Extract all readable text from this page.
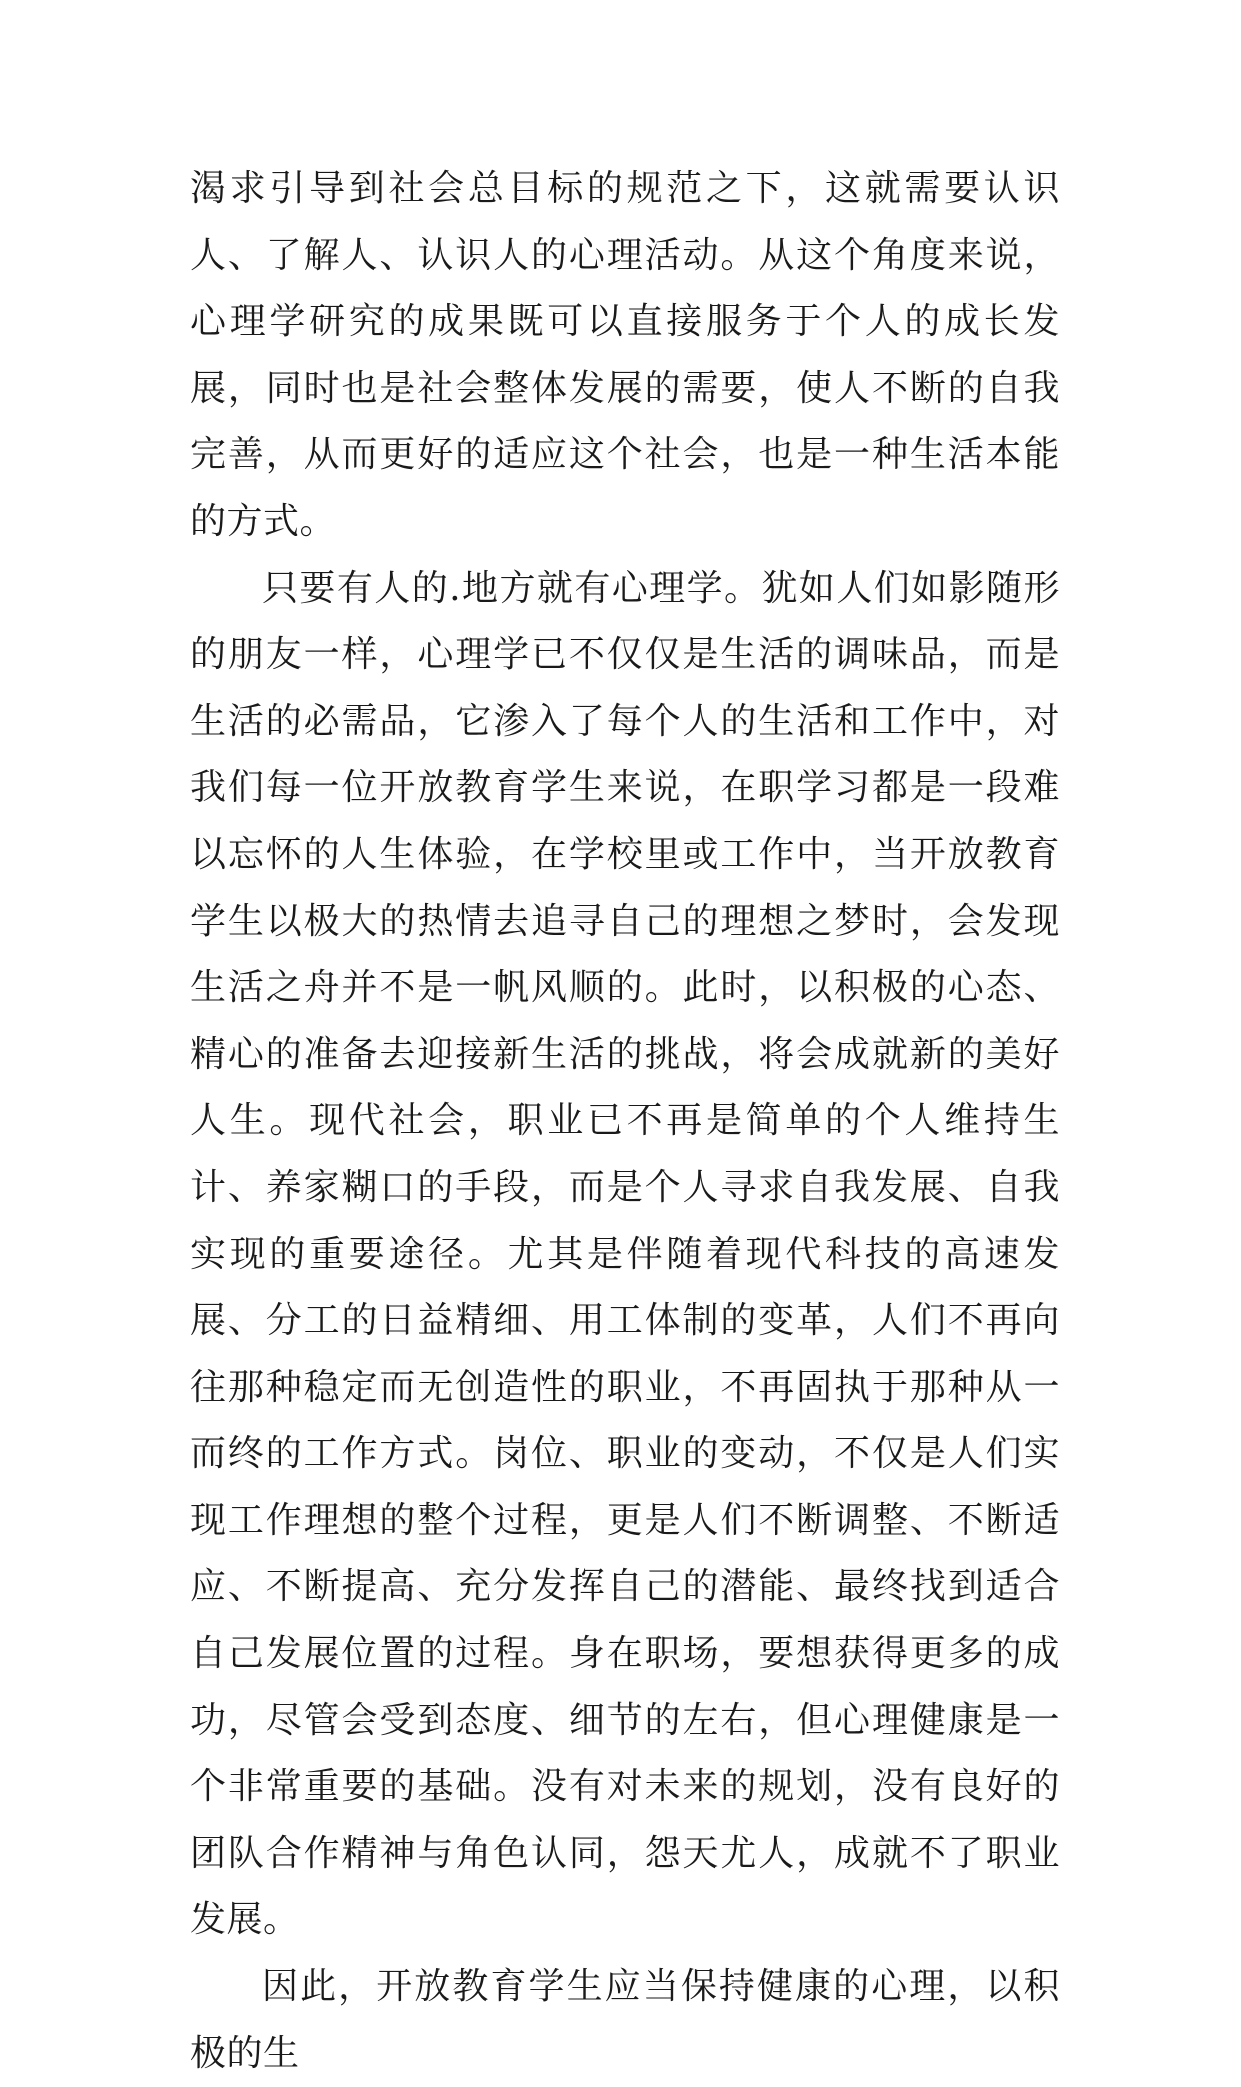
渴求引导到社会总目标的规范之下，这就需要认识人、了解人、认识人的心理活动。从这个角度来说，心理学研究的成果既可以直接服务于个人的成长发展，同时也是社会整体发展的需要，使人不断的自我完善，从而更好的适应这个社会，也是一种生活本能的方式。

只要有人的.地方就有心理学。犹如人们如影随形的朋友一样，心理学已不仅仅是生活的调味品，而是生活的必需品，它渗入了每个人的生活和工作中，对我们每一位开放教育学生来说，在职学习都是一段难以忘怀的人生体验，在学校里或工作中，当开放教育学生以极大的热情去追寻自己的理想之梦时，会发现生活之舟并不是一帆风顺的。此时，以积极的心态、精心的准备去迎接新生活的挑战，将会成就新的美好人生。现代社会，职业已不再是简单的个人维持生计、养家糊口的手段，而是个人寻求自我发展、自我实现的重要途径。尤其是伴随着现代科技的高速发展、分工的日益精细、用工体制的变革，人们不再向往那种稳定而无创造性的职业，不再固执于那种从一而终的工作方式。岗位、职业的变动，不仅是人们实现工作理想的整个过程，更是人们不断调整、不断适应、不断提高、充分发挥自己的潜能、最终找到适合自己发展位置的过程。身在职场，要想获得更多的成功，尽管会受到态度、细节的左右，但心理健康是一个非常重要的基础。没有对未来的规划，没有良好的团队合作精神与角色认同，怨天尤人，成就不了职业发展。

因此，开放教育学生应当保持健康的心理，以积极的生
